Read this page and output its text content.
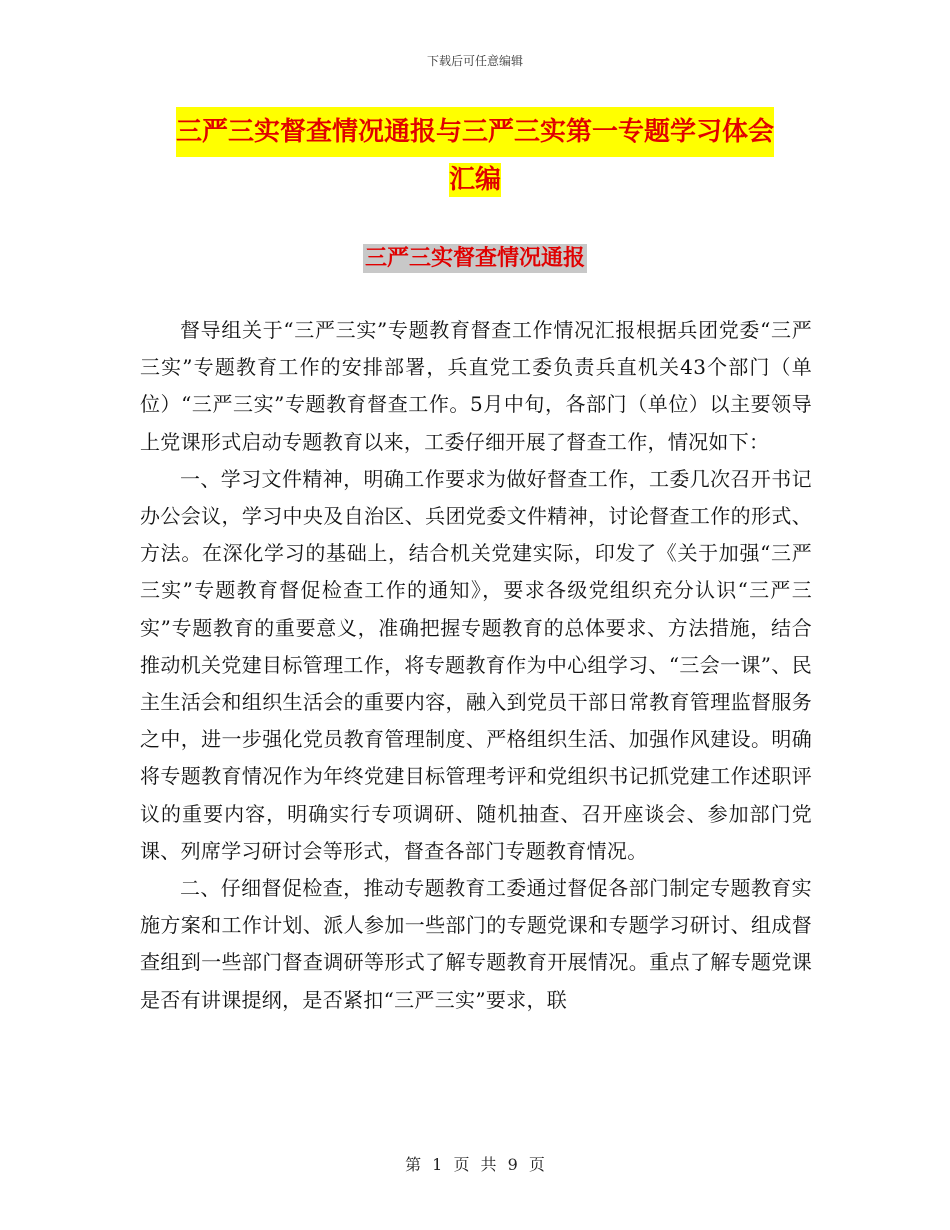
下载后可任意编辑
三严三实督查情况通报与三严三实第一专题学习体会
汇编
三严三实督查情况通报

督导组关于“三严三实”专题教育督查工作情况汇报根据兵团党委“三严三实”专题教育工作的安排部署，兵直党工委负责兵直机关43个部门（单位）“三严三实”专题教育督查工作。5月中旬，各部门（单位）以主要领导上党课形式启动专题教育以来，工委仔细开展了督查工作，情况如下：

一、学习文件精神，明确工作要求为做好督查工作，工委几次召开书记办公会议，学习中央及自治区、兵团党委文件精神，讨论督查工作的形式、方法。在深化学习的基础上，结合机关党建实际，印发了《关于加强“三严三实”专题教育督促检查工作的通知》，要求各级党组织充分认识“三严三实”专题教育的重要意义，准确把握专题教育的总体要求、方法措施，结合推动机关党建目标管理工作，将专题教育作为中心组学习、“三会一课”、民主生活会和组织生活会的重要内容，融入到党员干部日常教育管理监督服务之中，进一步强化党员教育管理制度、严格组织生活、加强作风建设。明确将专题教育情况作为年终党建目标管理考评和党组织书记抓党建工作述职评议的重要内容，明确实行专项调研、随机抽查、召开座谈会、参加部门党课、列席学习研讨会等形式，督查各部门专题教育情况。

二、仔细督促检查，推动专题教育工委通过督促各部门制定专题教育实施方案和工作计划、派人参加一些部门的专题党课和专题学习研讨、组成督查组到一些部门督查调研等形式了解专题教育开展情况。重点了解专题党课是否有讲课提纲，是否紧扣“三严三实”要求，联

第 1 页 共 9 页
